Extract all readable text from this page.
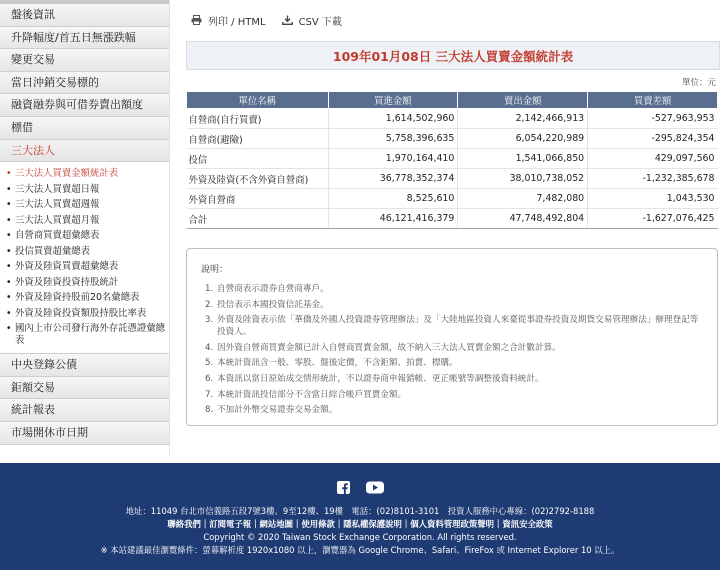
盤後資訊
升降幅度/首五日無漲跌幅
變更交易
當日沖銷交易標的
融資融券與可借券賣出額度
標借
三大法人
• 三大法人買賣金額統計表
• 三大法人買賣超日報
• 三大法人買賣超週報
• 三大法人買賣超月報
• 自營商買賣超彙總表
• 投信買賣超彙總表
• 外資及陸資買賣超彙總表
• 外資及陸資投資持股統計
• 外資及陸資持股前20名彙總表
• 外資及陸資投資類股持股比率表
• 國內上市公司發行海外存託憑證彙總表
中央登錄公債
鉅額交易
統計報表
市場開休市日期
列印 / HTML	CSV 下載
109年01月08日 三大法人買賣金額統計表
單位：元
單位名稱	買進金額	賣出金額	買賣差額
自營商(自行買賣)	1,614,502,960	2,142,466,913	-527,963,953
自營商(避險)	5,758,396,635	6,054,220,989	-295,824,354
投信	1,970,164,410	1,541,066,850	429,097,560
外資及陸資(不含外資自營商)	36,778,352,374	38,010,738,052	-1,232,385,678
外資自營商	8,525,610	7,482,080	1,043,530
合計	46,121,416,379	47,748,492,804	-1,627,076,425
說明：
1. 自營商表示證券自營商專戶。
2. 投信表示本國投資信託基金。
3. 外資及陸資表示依「華僑及外國人投資證券管理辦法」及「大陸地區投資人來臺從事證券投資及期貨交易管理辦法」辦理登記等投資人。
4. 因外資自營商買賣金額已計入自營商買賣金額，故不納入三大法人買賣金額之合計數計算。
5. 本統計資訊含一般、零股、盤後定價，不含鉅額、拍賣、標購。
6. 本資訊以當日原始成交情形統計，不以證券商申報錯帳、更正帳號等調整後資料統計。
7. 本統計資訊投信部分不含當日綜合帳戶買賣金額。
8. 不加計外幣交易證券交易金額。
地址：11049 台北市信義路五段7號3樓、9至12樓、19樓　電話：(02)8101-3101　投資人服務中心專線：(02)2792-8188
聯絡我們｜訂閱電子報｜網站地圖｜使用條款｜隱私權保護說明｜個人資料管理政策聲明｜資訊安全政策
Copyright © 2020 Taiwan Stock Exchange Corporation. All rights reserved.
※ 本站建議最佳瀏覽條件：螢幕解析度 1920x1080 以上，瀏覽器為 Google Chrome、Safari、FireFox 或 Internet Explorer 10 以上。
